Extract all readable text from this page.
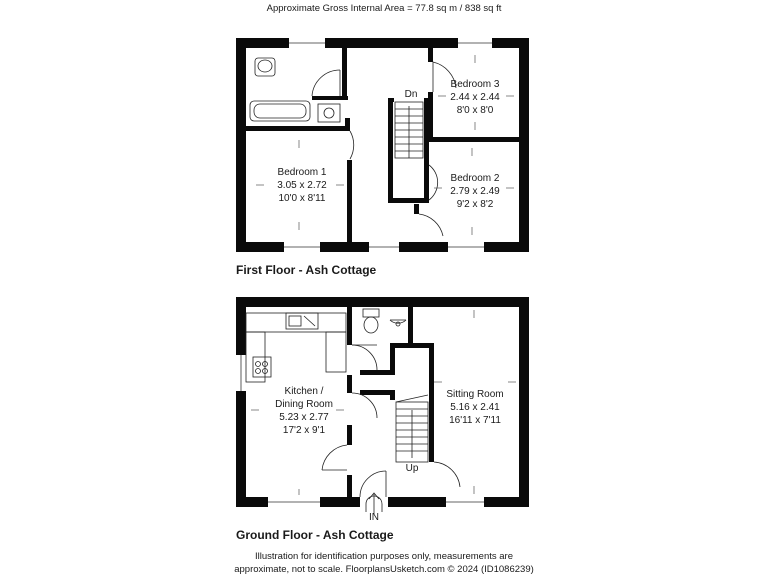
Approximate Gross Internal Area = 77.8 sq m / 838 sq ft
Dn
Bedroom 3
2.44 x 2.44
8'0 x 8'0
Bedroom 1
3.05 x 2.72
10'0 x 8'11
Bedroom 2
2.79 x 2.49
9'2 x 8'2
First Floor - Ash Cottage
Up
IN
Kitchen /
Dining Room
5.23 x 2.77
17'2 x 9'1
Sitting Room
5.16 x 2.41
16'11 x 7'11
Ground Floor - Ash Cottage
Illustration for identification purposes only, measurements are
approximate, not to scale. FloorplansUsketch.com © 2024 (ID1086239)
